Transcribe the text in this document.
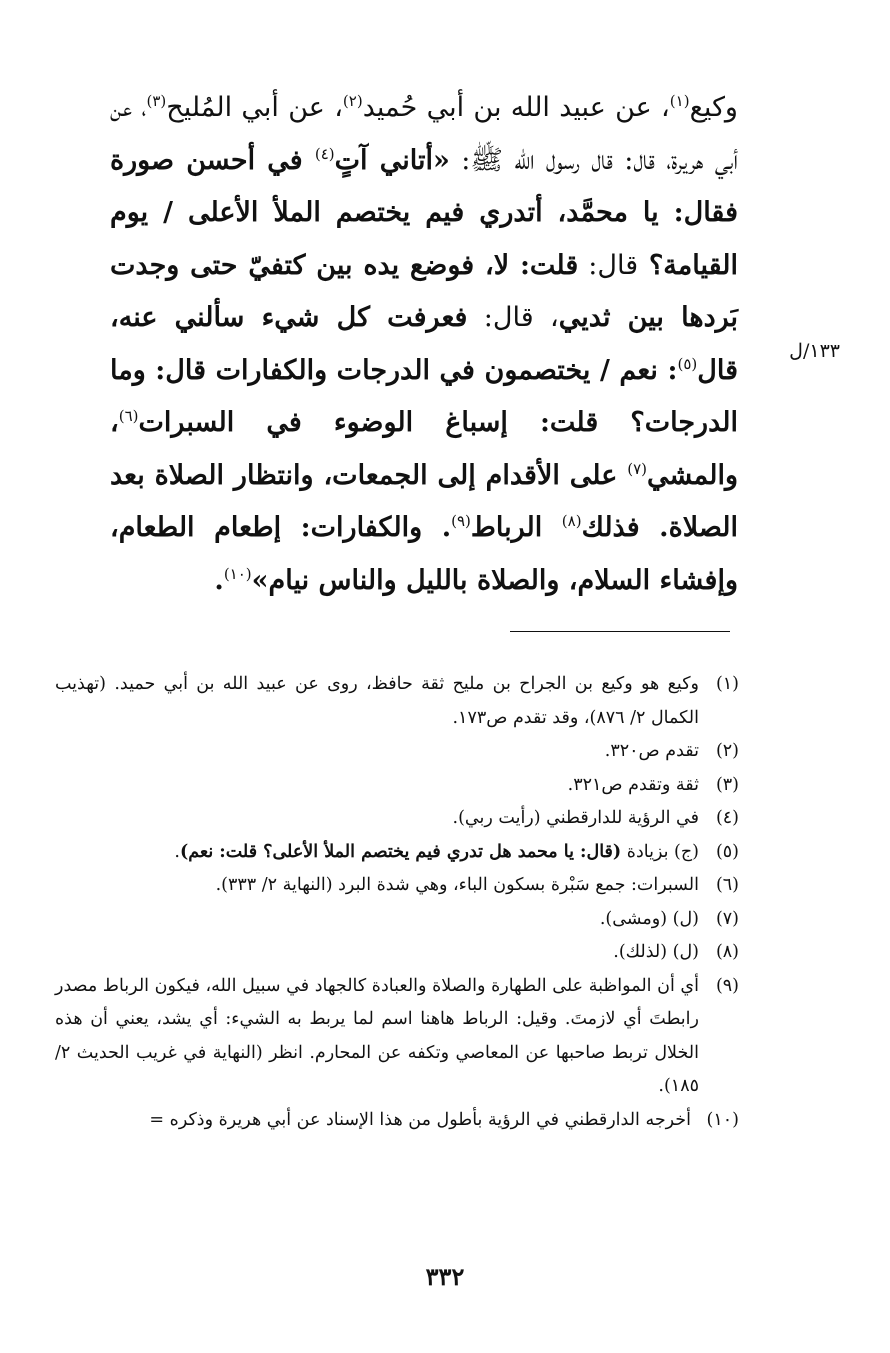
وكيع$^{(١)}$، عن عبيد الله بن أبي حُميد$^{(٢)}$، عن أبي المُليح$^{(٣)}$، عن أبي هريرة، قال: قال رسول الله ﷺ: «أتاني آتٍ$^{(٤)}$ في أحسن صورة فقال: يا محمَّد، أتدري فيم يختصم الملأ الأعلى / يوم القيامة؟ قال: قلت: لا، فوضع يده بين كتفيّ حتى وجدت بَردها بين ثديي، قال: فعرفت كل شيء سألني عنه، قال$^{(٥)}$: نعم / يختصمون في الدرجات والكفارات قال: وما الدرجات؟ قلت: إسباغ الوضوء في السبرات$^{(٦)}$، والمشي$^{(٧)}$ على الأقدام إلى الجمعات، وانتظار الصلاة بعد الصلاة. فذلك$^{(٨)}$ الرباط$^{(٩)}$. والكفارات: إطعام الطعام، وإفشاء السلام، والصلاة بالليل والناس نيام»$^{(١٠)}$.

١٣٣/ل
(١)
وكيع هو وكيع بن الجراح بن مليح ثقة حافظ، روى عن عبيد الله بن أبي حميد. (تهذيب الكمال ٢/ ٨٧٦)، وقد تقدم ص١٧٣.
(٢)
تقدم ص٣٢٠.
(٣)
ثقة وتقدم ص٣٢١.
(٤)
في الرؤية للدارقطني (رأيت ربي).
(٥)
(ج) بزيادة (قال: يا محمد هل تدري فيم يختصم الملأ الأعلى؟ قلت: نعم).
(٦)
السبرات: جمع سَبْرة بسكون الباء، وهي شدة البرد (النهاية ٢/ ٣٣٣).
(٧)
(ل) (ومشى).
(٨)
(ل) (لذلك).
(٩)
أي أن المواظبة على الطهارة والصلاة والعبادة كالجهاد في سبيل الله، فيكون الرباط مصدر رابطتَ أي لازمتَ. وقيل: الرباط هاهنا اسم لما يربط به الشيء: أي يشد، يعني أن هذه الخلال تربط صاحبها عن المعاصي وتكفه عن المحارم. انظر (النهاية في غريب الحديث ٢/ ١٨٥).
(١٠)
أخرجه الدارقطني في الرؤية بأطول من هذا الإسناد عن أبي هريرة وذكره =
٣٣٢
